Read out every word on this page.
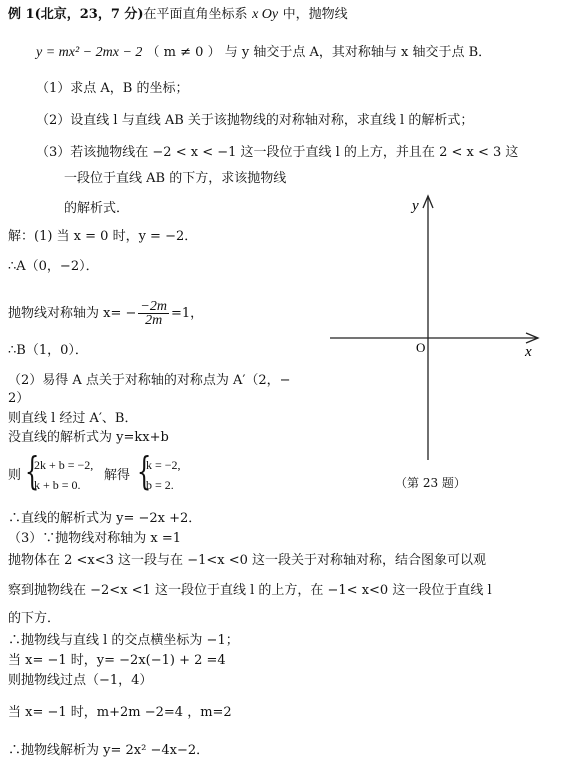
例 1(北京，23，7 分)在平面直角坐标系 x Oy 中，抛物线
y = mx² − 2mx − 2 （ m ≠ 0 ） 与 y 轴交于点 A，其对称轴与 x 轴交于点 B．
（1）求点 A，B 的坐标；
（2）设直线 l 与直线 AB 关于该抛物线的对称轴对称，求直线 l 的解析式；
（3）若该抛物线在 −2 < x < −1 这一段位于直线 l 的上方，并且在 2 < x < 3 这
一段位于直线 AB 的下方，求该抛物线
的解析式．	y
x
O
（第 23 题）
解：(1) 当 x = 0 时，y = −2．
∴A（0，−2）．
抛物线对称轴为 $x= - \frac{-2m}{2m} =1$，
∴B（1，0）．
（2）易得 A 点关于对称轴的对称点为 A′（2，−
2）
则直线 l 经过 A′、B．
没直线的解析式为 y=kx+b
则 {
2k + b = −2,
k + b = 0.
解得 {
k = −2,
b = 2.
∴直线的解析式为 y= −2x +2．
（3）∵抛物线对称轴为 x =1
抛物体在 2 <x<3 这一段与在 −1<x <0 这一段关于对称轴对称，结合图象可以观
察到抛物线在 −2<x <1 这一段位于直线 l 的上方，在 −1< x<0 这一段位于直线 l
的下方．
∴抛物线与直线 l 的交点横坐标为 −1；
当 x= −1 时，y= −2x(−1) + 2 =4
则抛物线过点（−1，4）
当 x= −1 时，m+2m −2=4 ，m=2
∴抛物线解析为 y= 2x² −4x−2．
